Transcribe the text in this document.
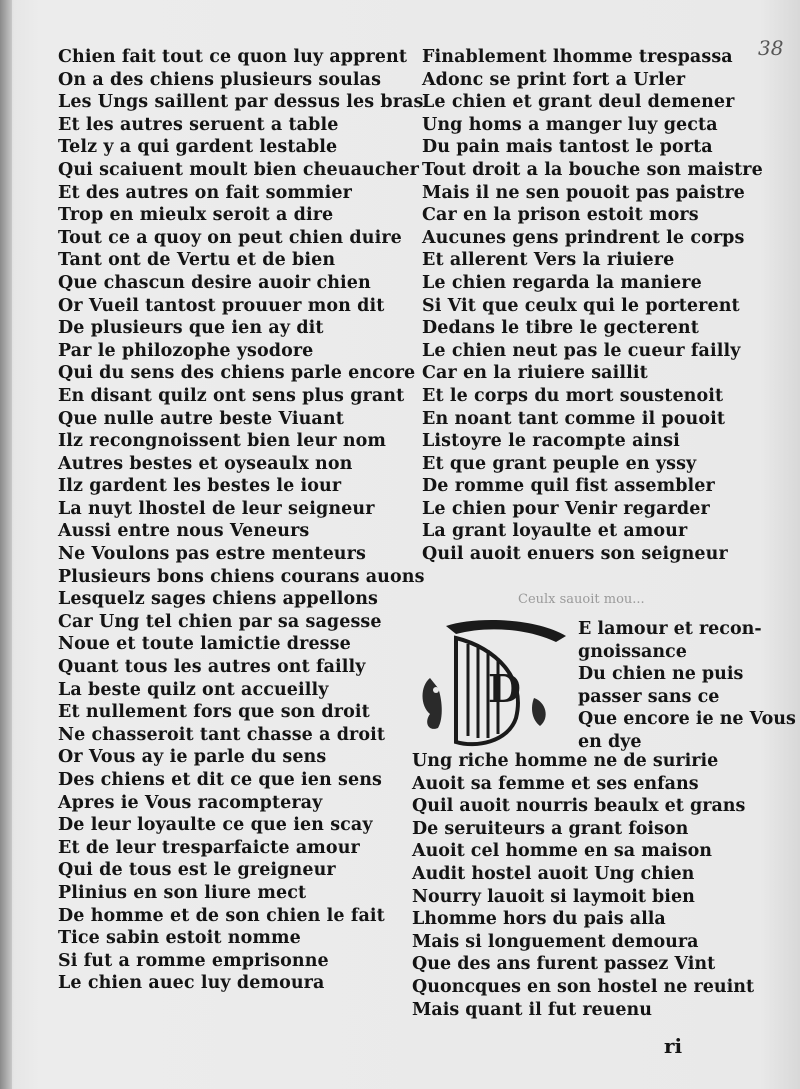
38
Chien fait tout ce quon luy apprent
On a des chiens plusieurs soulas
Les Ungs saillent par dessus les bras
Et les autres seruent a table
Telz y a qui gardent lestable
Qui scaiuent moult bien cheuaucher
Et des autres on fait sommier
Trop en mieulx seroit a dire
Tout ce a quoy on peut chien duire
Tant ont de Vertu et de bien
Que chascun desire auoir chien
Or Vueil tantost prouuer mon dit
De plusieurs que ien ay dit
Par le philozophe ysodore
Qui du sens des chiens parle encore
En disant quilz ont sens plus grant
Que nulle autre beste Viuant
Ilz recongnoissent bien leur nom
Autres bestes et oyseaulx non
Ilz gardent les bestes le iour
La nuyt lhostel de leur seigneur
Aussi entre nous Veneurs
Ne Voulons pas estre menteurs
Plusieurs bons chiens courans auons
Lesquelz sages chiens appellons
Car Ung tel chien par sa sagesse
Noue et toute lamictie dresse
Quant tous les autres ont failly
La beste quilz ont accueilly
Et nullement fors que son droit
Ne chasseroit tant chasse a droit
Or Vous ay ie parle du sens
Des chiens et dit ce que ien sens
Apres ie Vous racompteray
De leur loyaulte ce que ien scay
Et de leur tresparfaicte amour
Qui de tous est le greigneur
Plinius en son liure mect
De homme et de son chien le fait
Tice sabin estoit nomme
Si fut a romme emprisonne
Le chien auec luy demoura
Finablement lhomme trespassa
Adonc se print fort a Urler
Le chien et grant deul demener
Ung homs a manger luy gecta
Du pain mais tantost le porta
Tout droit a la bouche son maistre
Mais il ne sen pouoit pas paistre
Car en la prison estoit mors
Aucunes gens prindrent le corps
Et allerent Vers la riuiere
Le chien regarda la maniere
Si Vit que ceulx qui le porterent
Dedans le tibre le gecterent
Le chien neut pas le cueur failly
Car en la riuiere saillit
Et le corps du mort soustenoit
En noant tant comme il pouoit
Listoyre le racompte ainsi
Et que grant peuple en yssy
De romme quil fist assembler
Le chien pour Venir regarder
La grant loyaulte et amour
Quil auoit enuers son seigneur
Ceulx sauoit mou...
D
E lamour et recon-
gnoissance
Du chien ne puis
passer sans ce
Que encore ie ne Vous
en dye
Ung riche homme ne de suririe
Auoit sa femme et ses enfans
Quil auoit nourris beaulx et grans
De seruiteurs a grant foison
Auoit cel homme en sa maison
Audit hostel auoit Ung chien
Nourry lauoit si laymoit bien
Lhomme hors du pais alla
Mais si longuement demoura
Que des ans furent passez Vint
Quoncques en son hostel ne reuint
Mais quant il fut reuenu
ri
